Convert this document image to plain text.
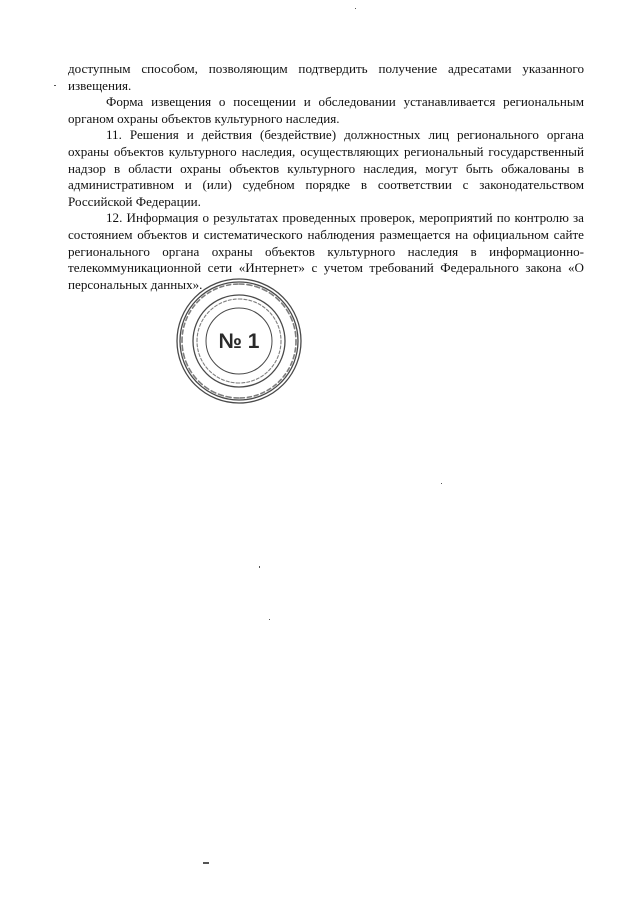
доступным способом, позволяющим подтвердить получение адресатами указанного извещения.

Форма извещения о посещении и обследовании устанавливается региональным органом охраны объектов культурного наследия.

11. Решения и действия (бездействие) должностных лиц регионального органа охраны объектов культурного наследия, осуществляющих региональный государственный надзор в области охраны объектов культурного наследия, могут быть обжалованы в административном и (или) судебном порядке в соответствии с законодательством Российской Федерации.

12. Информация о результатах проведенных проверок, мероприятий по контролю за состоянием объектов и систематического наблюдения размещается на официальном сайте регионального органа охраны объектов культурного наследия в информационно-телекоммуникационной сети «Интернет» с учетом требований Федерального закона «О персональных данных».

№ 1
